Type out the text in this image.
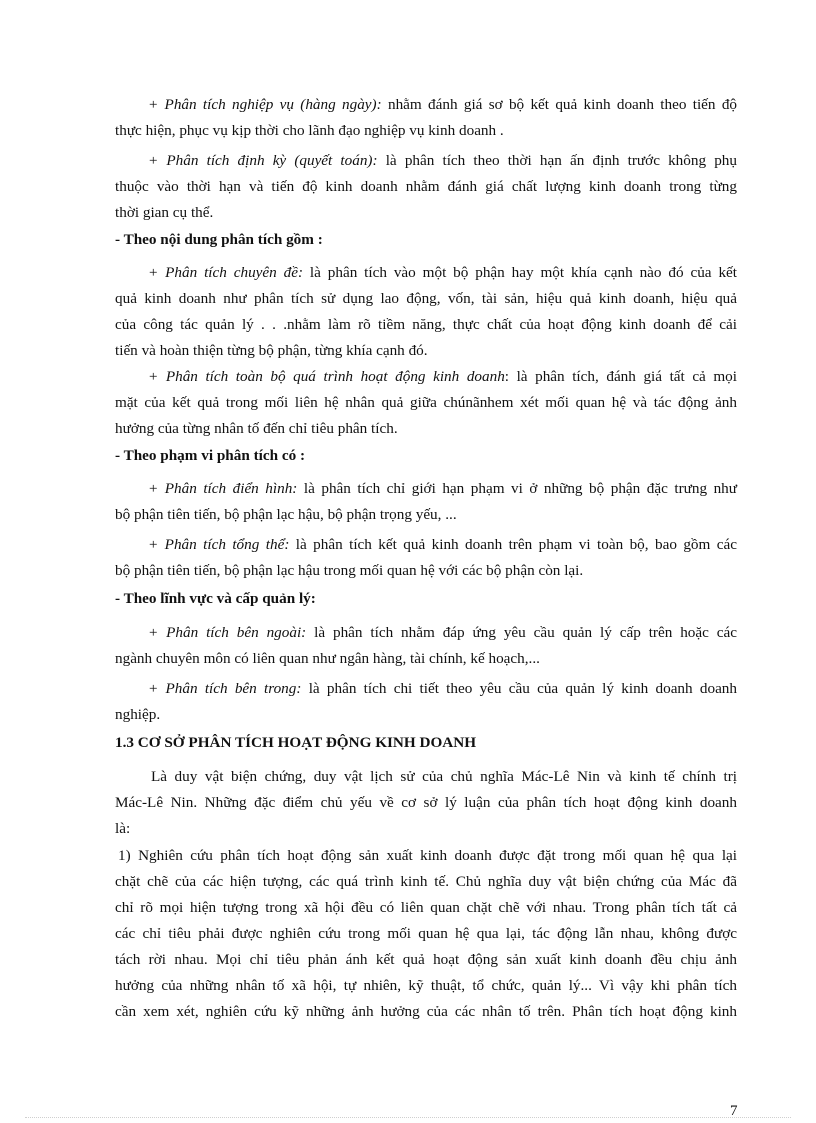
+ Phân tích nghiệp vụ (hàng ngày): nhằm đánh giá sơ bộ kết quả kinh doanh theo tiến độ
thực hiện, phục vụ kịp thời cho lãnh đạo nghiệp vụ kinh doanh .
+ Phân tích định kỳ (quyết toán): là phân tích theo thời hạn ấn định trước không phụ
thuộc vào thời hạn và tiến độ kinh doanh nhằm đánh giá chất lượng kinh doanh trong từng
thời gian cụ thể.
- Theo nội dung phân tích gồm :
+ Phân tích chuyên đề: là phân tích vào một bộ phận hay một khía cạnh nào đó của kết
quả kinh doanh như phân tích sử dụng lao động, vốn, tài sản, hiệu quả kinh doanh, hiệu quả
của công tác quản lý . . .nhằm làm rõ tiềm năng, thực chất của hoạt động kinh doanh để cải
tiến và hoàn thiện từng bộ phận, từng khía cạnh đó.
+ Phân tích toàn bộ quá trình hoạt động kinh doanh: là phân tích, đánh giá tất cả mọi
mặt của kết quả trong mối liên hệ nhân quả giữa chúnãnhem xét mối quan hệ và tác động ảnh
hưởng của từng nhân tố đến chỉ tiêu phân tích.
- Theo phạm vi phân tích có :
+ Phân tích điển hình: là phân tích chỉ giới hạn phạm vi ở những bộ phận đặc trưng như
bộ phận tiên tiến, bộ phận lạc hậu, bộ phận trọng yếu, ...
+ Phân tích tổng thể: là phân tích kết quả kinh doanh trên phạm vi toàn bộ, bao gồm các
bộ phận tiên tiến, bộ phận lạc hậu trong mối quan hệ với các bộ phận còn lại.
- Theo lĩnh vực và cấp quản lý:
+ Phân tích bên ngoài: là phân tích nhằm đáp ứng yêu cầu quản lý cấp trên hoặc các
ngành chuyên môn có liên quan như ngân hàng, tài chính, kế hoạch,...
+ Phân tích bên trong: là phân tích chi tiết theo yêu cầu của quản lý kinh doanh doanh
nghiệp.
1.3 CƠ SỞ PHÂN TÍCH HOẠT ĐỘNG KINH DOANH
Là duy vật biện chứng, duy vật lịch sử của chủ nghĩa Mác-Lê Nin và kinh tế chính trị
Mác-Lê Nin. Những đặc điểm chủ yếu về cơ sở lý luận của phân tích hoạt động kinh doanh
là:
1) Nghiên cứu phân tích hoạt động sản xuất kinh doanh được đặt trong mối quan hệ qua lại
chặt chẽ của các hiện tượng, các quá trình kinh tế. Chủ nghĩa duy vật biện chứng của Mác đã
chỉ rõ mọi hiện tượng trong xã hội đều có liên quan chặt chẽ với nhau. Trong phân tích tất cả
các chỉ tiêu phải được nghiên cứu trong mối quan hệ qua lại, tác động lẫn nhau, không được
tách rời nhau. Mọi chỉ tiêu phản ánh kết quả hoạt động sản xuất kinh doanh đều chịu ảnh
hưởng của những nhân tố xã hội, tự nhiên, kỹ thuật, tổ chức, quản lý... Vì vậy khi phân tích
cần xem xét, nghiên cứu kỹ những ảnh hưởng của các nhân tố trên. Phân tích hoạt động kinh
7
